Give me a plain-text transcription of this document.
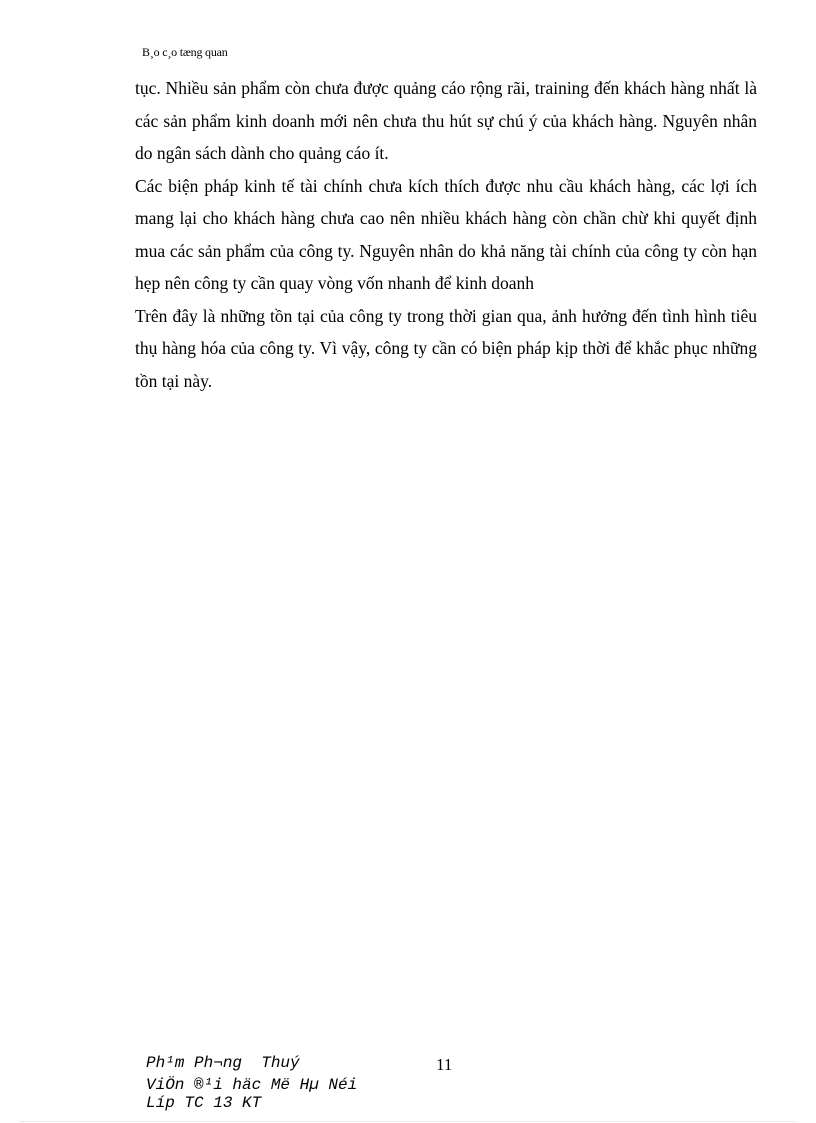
B¸o c¸o tæng quan

tục. Nhiều sản phẩm còn chưa được quảng cáo rộng rãi, training đến khách hàng nhất là các sản phẩm kinh doanh mới nên chưa thu hút sự chú ý của khách hàng. Nguyên nhân do ngân sách dành cho quảng cáo ít.

Các biện pháp kinh tế tài chính chưa kích thích được nhu cầu khách hàng, các lợi ích mang lại cho khách hàng chưa cao nên nhiều khách hàng còn chần chừ khi quyết định mua các sản phẩm của công ty. Nguyên nhân do khả năng tài chính của công ty còn hạn hẹp nên công ty cần quay vòng vốn nhanh để kinh doanh

Trên đây là những tồn tại của công ty trong thời gian qua, ảnh hưởng đến tình hình tiêu thụ hàng hóa của công ty. Vì vậy, công ty cần có biện pháp kịp thời để khắc phục những tồn tại này.

Ph¹m Ph¬ng  Thuý
ViÖn ®¹i häc Më Hµ Néi
Líp TC 13 KT
11
